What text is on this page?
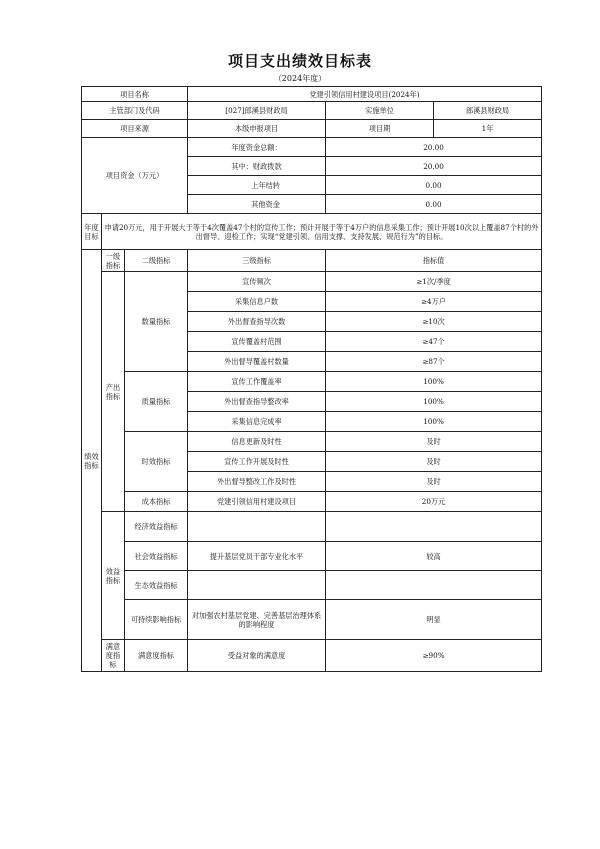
项目支出绩效目标表
（2024年度）
项目名称			党建引领信用村建设项目(2024年)		
主管部门及代码			[027]郎溪县财政局	实施单位	郎溪县财政局
项目来源			本级申报项目	项目期	1年
项目资金（万元）			年度资金总额：	20.00	
			其中：财政拨款	20.00	
			上年结转	0.00	
			其他资金	0.00	
年度目标	申请20万元，用于开展大于等于4次覆盖47个村的宣传工作；预计开展于等于4万户的信息采集工作；预计开展10次以上覆盖87个村的外出督导、迎检工作；实现“党建引领、信用支撑、支持发展、规范行为”的目标。				
绩效指标	一级指标	二级指标	三级指标	指标值	
	产出指标	数量指标	宣传频次	≥1次/季度	
			采集信息户数	≥4万户	
			外出督查指导次数	≥10次	
			宣传覆盖村范围	≥47个	
			外出督导覆盖村数量	≥87个	
		质量指标	宣传工作覆盖率	100%	
			外出督查指导整改率	100%	
			采集信息完成率	100%	
		时效指标	信息更新及时性	及时	
			宣传工作开展及时性	及时	
			外出督导整改工作及时性	及时	
		成本指标	党建引领信用村建设项目	20万元	
	效益指标	经济效益指标			
		社会效益指标	提升基层党员干部专业化水平	较高	
		生态效益指标			
		可持续影响指标	对加强农村基层党建、完善基层治理体系的影响程度	明显	
	满意度指标	满意度指标	受益对象的满意度	≥90%	
